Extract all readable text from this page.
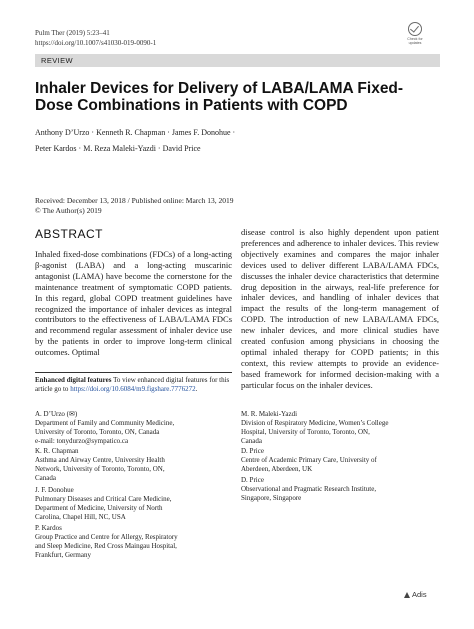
Pulm Ther (2019) 5:23–41
https://doi.org/10.1007/s41030-019-0090-1	Check for
updates
REVIEW
Inhaler Devices for Delivery of LABA/LAMA Fixed-
Dose Combinations in Patients with COPD
Anthony D’Urzo · Kenneth R. Chapman · James F. Donohue ·
Peter Kardos · M. Reza Maleki-Yazdi · David Price
Received: December 13, 2018 / Published online: March 13, 2019
© The Author(s) 2019
ABSTRACT
Inhaled fixed-dose combinations (FDCs) of a long-acting β-agonist (LABA) and a long-acting muscarinic antagonist (LAMA) have become the cornerstone for the maintenance treatment of symptomatic COPD patients. In this regard, global COPD treatment guidelines have recognized the importance of inhaler devices as integral contributors to the effectiveness of LABA/LAMA FDCs and recommend regular assessment of inhaler device use by the patients in order to improve long-term clinical outcomes. Optimal
disease control is also highly dependent upon patient preferences and adherence to inhaler devices. This review objectively examines and compares the major inhaler devices used to deliver different LABA/LAMA FDCs, discusses the inhaler device characteristics that determine drug deposition in the airways, real-life preference for inhaler devices, and handling of inhaler devices that impact the results of the long-term management of COPD. The introduction of new LABA/LAMA FDCs, new inhaler devices, and more clinical studies have created confusion among physicians in choosing the optimal inhaled therapy for COPD patients; in this context, this review attempts to provide an evidence-based framework for informed decision-making with a particular focus on the inhaler devices.
Enhanced digital features To view enhanced digital features for this article go to https://doi.org/10.6084/m9.figshare.7776272.
A. D’Urzo (✉)
Department of Family and Community Medicine,
University of Toronto, Toronto, ON, Canada
e-mail: tonydurzo@sympatico.ca
K. R. Chapman
Asthma and Airway Centre, University Health
Network, University of Toronto, Toronto, ON,
Canada
J. F. Donohue
Pulmonary Diseases and Critical Care Medicine,
Department of Medicine, University of North
Carolina, Chapel Hill, NC, USA
P. Kardos
Group Practice and Centre for Allergy, Respiratory
and Sleep Medicine, Red Cross Maingau Hospital,
Frankfurt, Germany
M. R. Maleki-Yazdi
Division of Respiratory Medicine, Women’s College
Hospital, University of Toronto, Toronto, ON,
Canada
D. Price
Centre of Academic Primary Care, University of
Aberdeen, Aberdeen, UK
D. Price
Observational and Pragmatic Research Institute,
Singapore, Singapore
Adis
